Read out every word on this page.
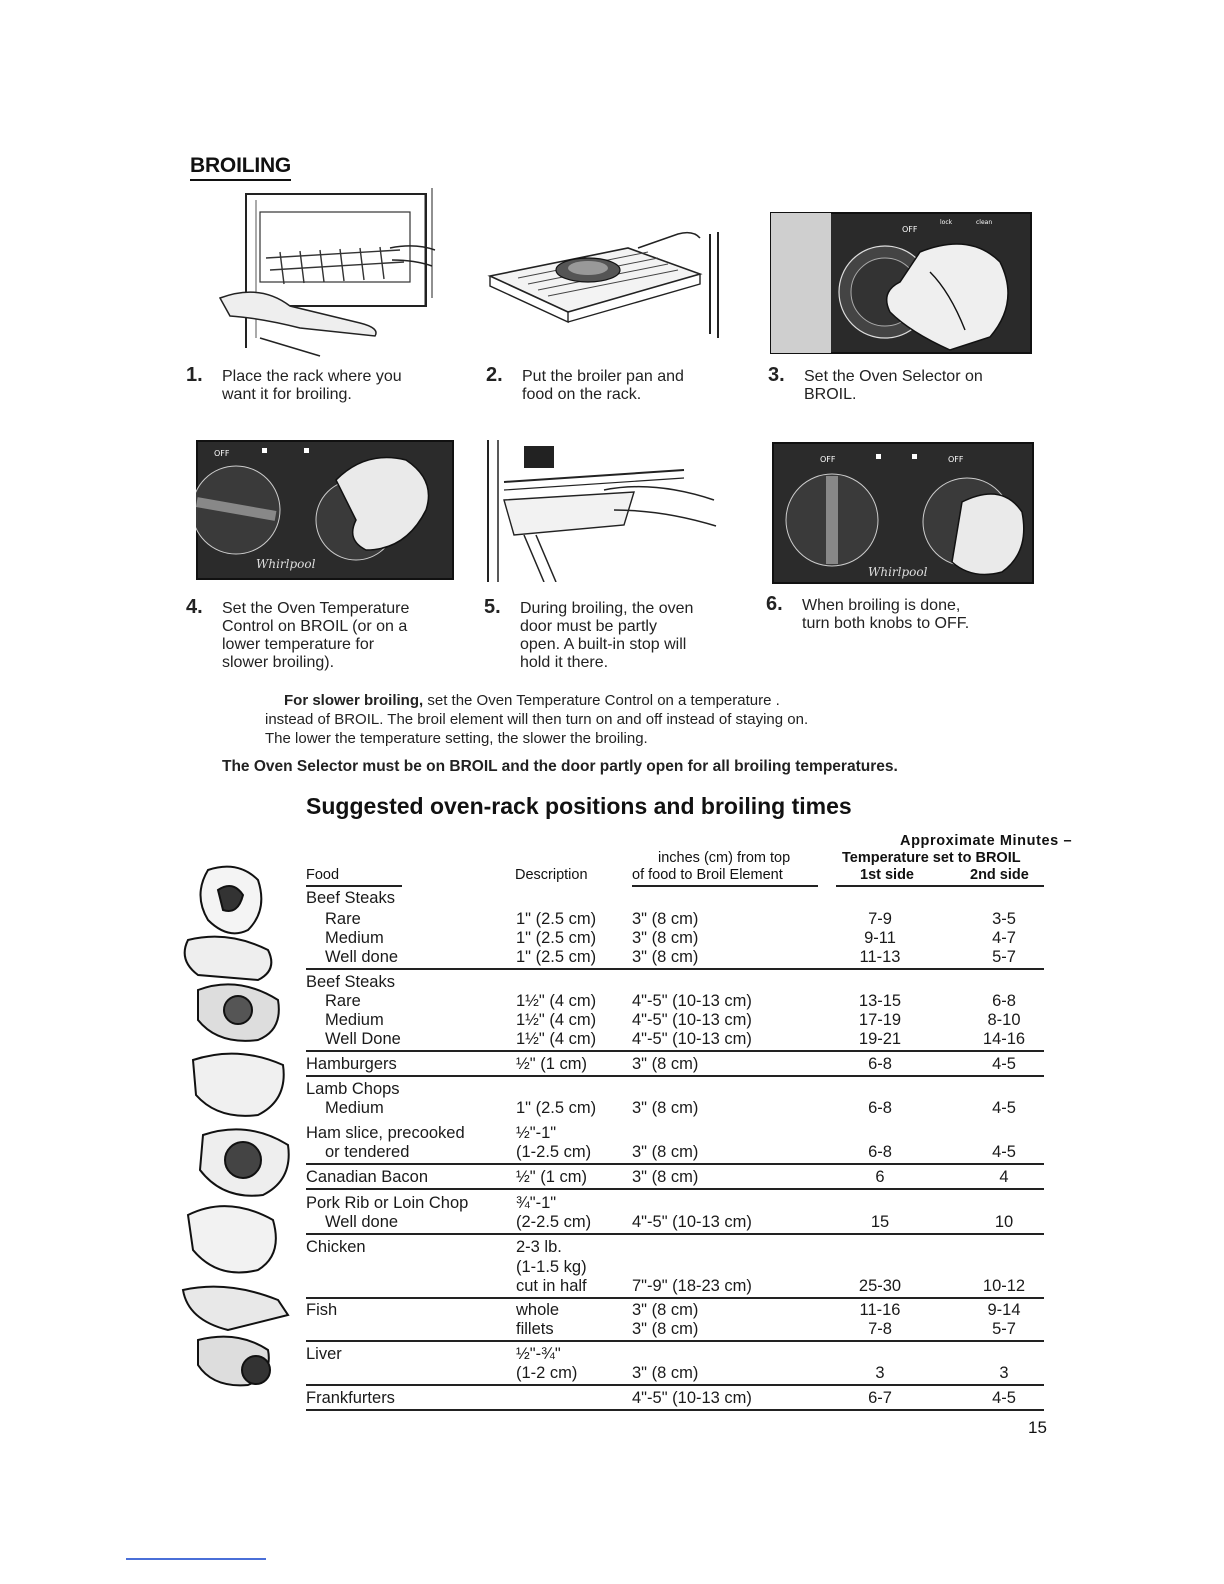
BROILING
OFF
lock	clean
1. Place the rack where you
want it for broiling.
2. Put the broiler pan and
food on the rack.
3. Set the Oven Selector on
BROIL.
OFF
Whirlpool
OFF	OFF
Whirlpool
4. Set the Oven Temperature
Control on BROIL (or on a
lower temperature for
slower broiling).
5. During broiling, the oven
door must be partly
open. A built-in stop will
hold it there.
6. When broiling is done,
turn both knobs to OFF.
For slower broiling, set the Oven Temperature Control on a temperature .
instead of BROIL. The broil element will then turn on and off instead of staying on.
The lower the temperature setting, the slower the broiling.
The Oven Selector must be on BROIL and the door partly open for all broiling temperatures.
Suggested oven-rack positions and broiling times
Approximate Minutes –
inches (cm) from top	Temperature set to BROIL
Food	Description	of food to Broil Element	1st side	2nd side
Beef Steaks
Rare	1" (2.5 cm) 3" (8 cm)	7-9	3-5
Medium	1" (2.5 cm) 3" (8 cm)	9-11	4-7
Well done	1" (2.5 cm) 3" (8 cm)	11-13	5-7
Beef Steaks
Rare	1½" (4 cm) 4"-5" (10-13 cm)	13-15	6-8
Medium	1½" (4 cm) 4"-5" (10-13 cm)	17-19	8-10
Well Done	1½" (4 cm) 4"-5" (10-13 cm)	19-21	14-16
Hamburgers	½" (1 cm)	3" (8 cm)	6-8	4-5
Lamb Chops
Medium	1" (2.5 cm) 3" (8 cm)	6-8	4-5
Ham slice, precooked	½"-1"
or tendered	(1-2.5 cm) 3" (8 cm)	6-8	4-5
Canadian Bacon	½" (1 cm)	3" (8 cm)	6	4
Pork Rib or Loin Chop	¾"-1"
Well done	(2-2.5 cm) 4"-5" (10-13 cm)	15	10
Chicken	2-3 lb.
(1-1.5 kg)
cut in half	7"-9" (18-23 cm)	25-30	10-12
Fish	whole	3" (8 cm)	11-16	9-14
fillets	3" (8 cm)	7-8	5-7
Liver	½"-¾"
(1-2 cm)	3" (8 cm)	3	3
Frankfurters	4"-5" (10-13 cm)	6-7	4-5
15
